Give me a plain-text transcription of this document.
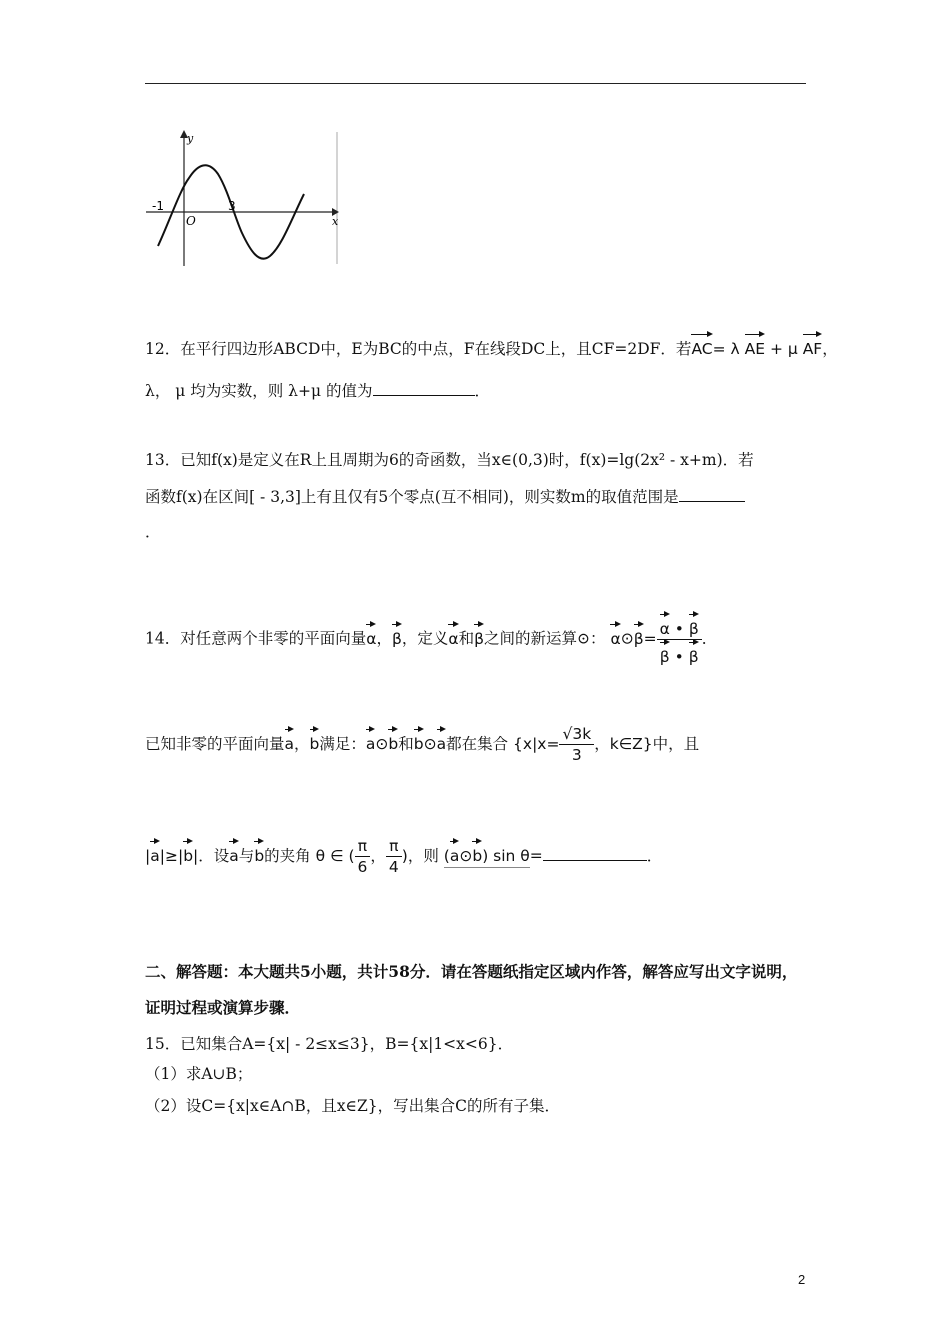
y
x
O
-1	3
12．在平行四边形ABCD中，E为BC的中点，F在线段DC上，且CF=2DF．若AC= λ AE + μ AF，
λ， μ 均为实数，则 λ+μ 的值为	．
13．已知f(x)是定义在R上且周期为6的奇函数，当x∈(0,3)时，f(x)=lg(2x² - x+m)．若
函数f(x)在区间[ - 3,3]上有且仅有5个零点(互不相同)，则实数m的取值范围是
．
14．对任意两个非零的平面向量α，β，定义α和β之间的新运算⊙： α⊙β= $\frac{\alpha • \beta}{\beta • \beta}$ ．
已知非零的平面向量a，b满足：a⊙b和b⊙a都在集合 {$x|x= \frac{√3k}{3}$ ，k∈Z}中，且
|a|≥|b|．设a与b的夹角 θ ∈ ( $\frac{\pi}{6}$ ， $\frac{\pi}{4}$ )，则 (a⊙b) sin θ=	．
二、解答题：本大题共5小题，共计58分．请在答题纸指定区域内作答，解答应写出文字说明，
证明过程或演算步骤．
15．已知集合A={x| - 2≤x≤3}，B={x|1<x<6}．
（1）求A∪B；
（2）设C={x|x∈A∩B，且x∈Z}，写出集合C的所有子集．
2
